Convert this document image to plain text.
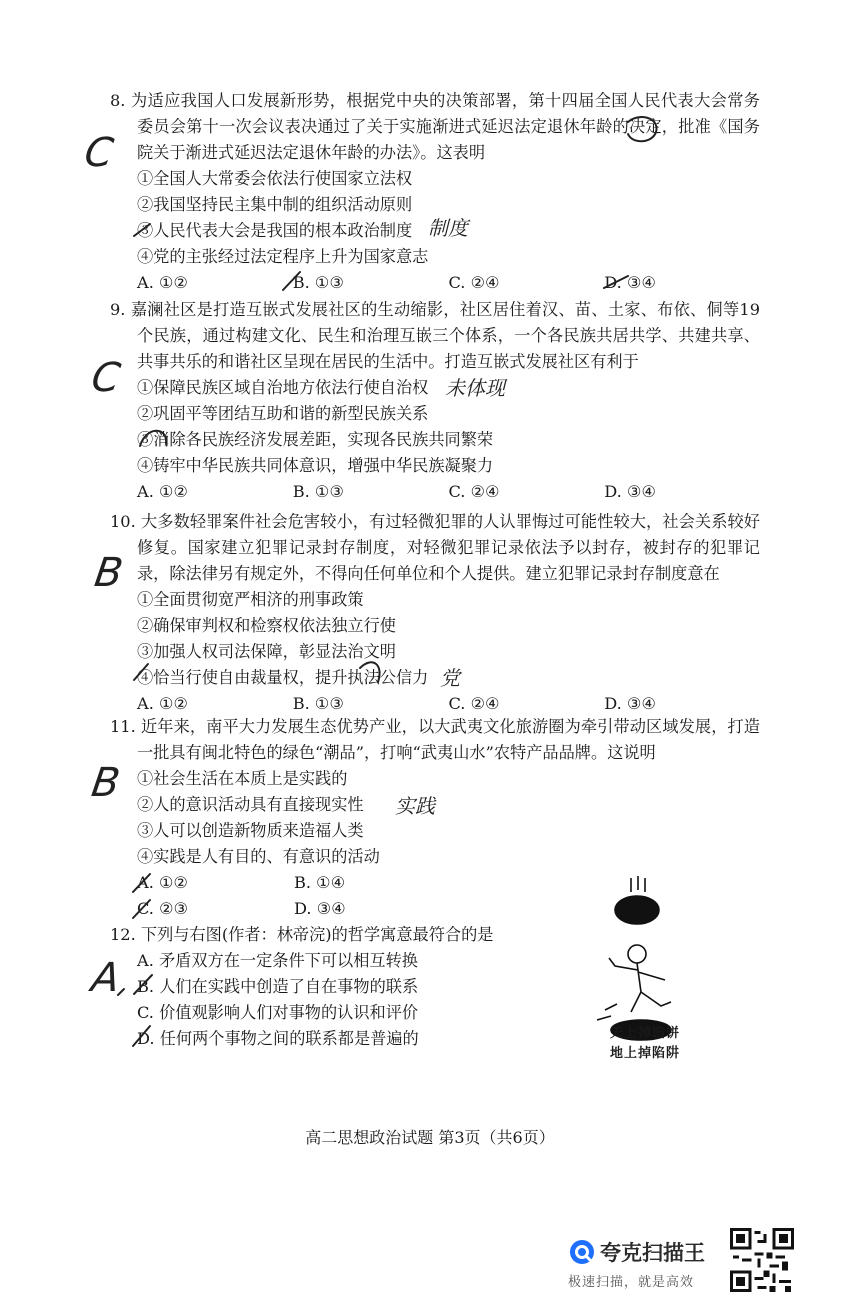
8. 为适应我国人口发展新形势，根据党中央的决策部署，第十四届全国人民代表大会常务委员会第十一次会议表决通过了关于实施渐进式延迟法定退休年龄的决定，批准《国务院关于渐进式延迟法定退休年龄的办法》。这表明
①全国人大常委会依法行使国家立法权
②我国坚持民主集中制的组织活动原则
③人民代表大会是我国的根本政治制度
④党的主张经过法定程序上升为国家意志
A. ①②	B. ①③	C. ②④	D. ③④
C
制度
9. 嘉澜社区是打造互嵌式发展社区的生动缩影，社区居住着汉、苗、土家、布依、侗等19个民族，通过构建文化、民生和治理互嵌三个体系，一个各民族共居共学、共建共享、共事共乐的和谐社区呈现在居民的生活中。打造互嵌式发展社区有利于
①保障民族区域自治地方依法行使自治权
②巩固平等团结互助和谐的新型民族关系
③消除各民族经济发展差距，实现各民族共同繁荣
④铸牢中华民族共同体意识，增强中华民族凝聚力
A. ①②	B. ①③	C. ②④	D. ③④
C	未体现
10. 大多数轻罪案件社会危害较小，有过轻微犯罪的人认罪悔过可能性较大，社会关系较好修复。国家建立犯罪记录封存制度，对轻微犯罪记录依法予以封存，被封存的犯罪记录，除法律另有规定外，不得向任何单位和个人提供。建立犯罪记录封存制度意在
①全面贯彻宽严相济的刑事政策
②确保审判权和检察权依法独立行使
③加强人权司法保障，彰显法治文明
④恰当行使自由裁量权，提升执法公信力
A. ①②	B. ①③	C. ②④	D. ③④
B
党
11. 近年来，南平大力发展生态优势产业，以大武夷文化旅游圈为牵引带动区域发展，打造一批具有闽北特色的绿色“潮品”，打响“武夷山水”农特产品品牌。这说明
①社会生活在本质上是实践的
②人的意识活动具有直接现实性
③人可以创造新物质来造福人类
④实践是人有目的、有意识的活动
A. ①②	B. ①④
C. ②③	D. ③④
B	实践
12. 下列与右图(作者：林帝浣)的哲学寓意最符合的是
A. 矛盾双方在一定条件下可以相互转换
B. 人们在实践中创造了自在事物的联系
C. 价值观影响人们对事物的认识和评价
D. 任何两个事物之间的联系都是普遍的
A
天上掉馅饼
地上掉陷阱
高二思想政治试题 第3页（共6页）
夸克扫描王
极速扫描，就是高效
